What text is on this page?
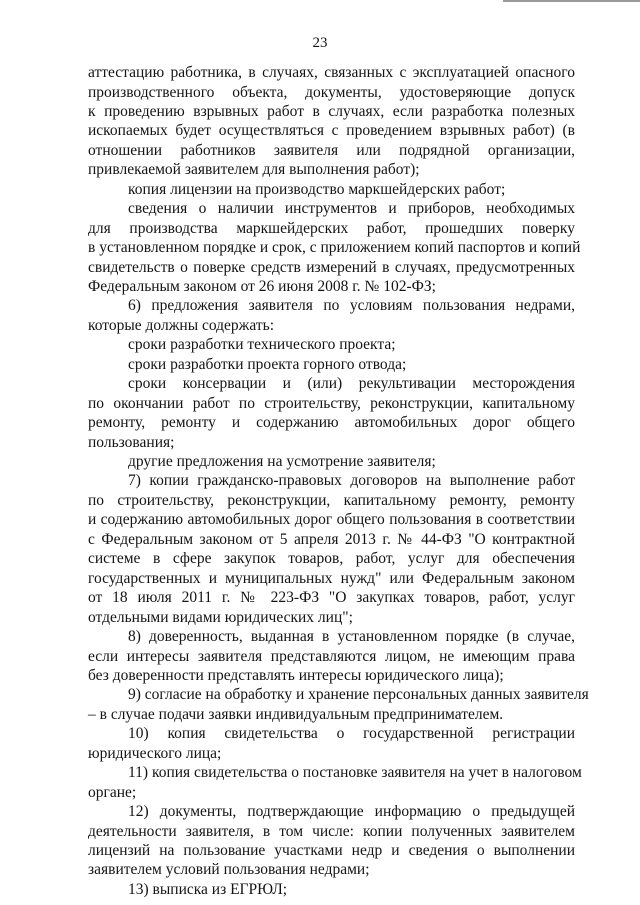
23
аттестацию работника, в случаях, связанных с эксплуатацией опасного
производственного объекта, документы, удостоверяющие допуск
к проведению взрывных работ в случаях, если разработка полезных
ископаемых будет осуществляться с проведением взрывных работ) (в
отношении работников заявителя или подрядной организации,
привлекаемой заявителем для выполнения работ);
копия лицензии на производство маркшейдерских работ;
сведения о наличии инструментов и приборов, необходимых
для производства маркшейдерских работ, прошедших поверку
в установленном порядке и срок, с приложением копий паспортов и копий
свидетельств о поверке средств измерений в случаях, предусмотренных
Федеральным законом от 26 июня 2008 г. № 102-ФЗ;
6) предложения заявителя по условиям пользования недрами,
которые должны содержать:
сроки разработки технического проекта;
сроки разработки проекта горного отвода;
сроки консервации и (или) рекультивации месторождения
по окончании работ по строительству, реконструкции, капитальному
ремонту, ремонту и содержанию автомобильных дорог общего
пользования;
другие предложения на усмотрение заявителя;
7) копии гражданско-правовых договоров на выполнение работ
по строительству, реконструкции, капитальному ремонту, ремонту
и содержанию автомобильных дорог общего пользования в соответствии
с Федеральным законом от 5 апреля 2013 г. № 44-ФЗ "О контрактной
системе в сфере закупок товаров, работ, услуг для обеспечения
государственных и муниципальных нужд" или Федеральным законом
от 18 июля 2011 г. № 223-ФЗ "О закупках товаров, работ, услуг
отдельными видами юридических лиц";
8) доверенность, выданная в установленном порядке (в случае,
если интересы заявителя представляются лицом, не имеющим права
без доверенности представлять интересы юридического лица);
9) согласие на обработку и хранение персональных данных заявителя
– в случае подачи заявки индивидуальным предпринимателем.
10) копия свидетельства о государственной регистрации
юридического лица;
11) копия свидетельства о постановке заявителя на учет в налоговом
органе;
12) документы, подтверждающие информацию о предыдущей
деятельности заявителя, в том числе: копии полученных заявителем
лицензий на пользование участками недр и сведения о выполнении
заявителем условий пользования недрами;
13) выписка из ЕГРЮЛ;
